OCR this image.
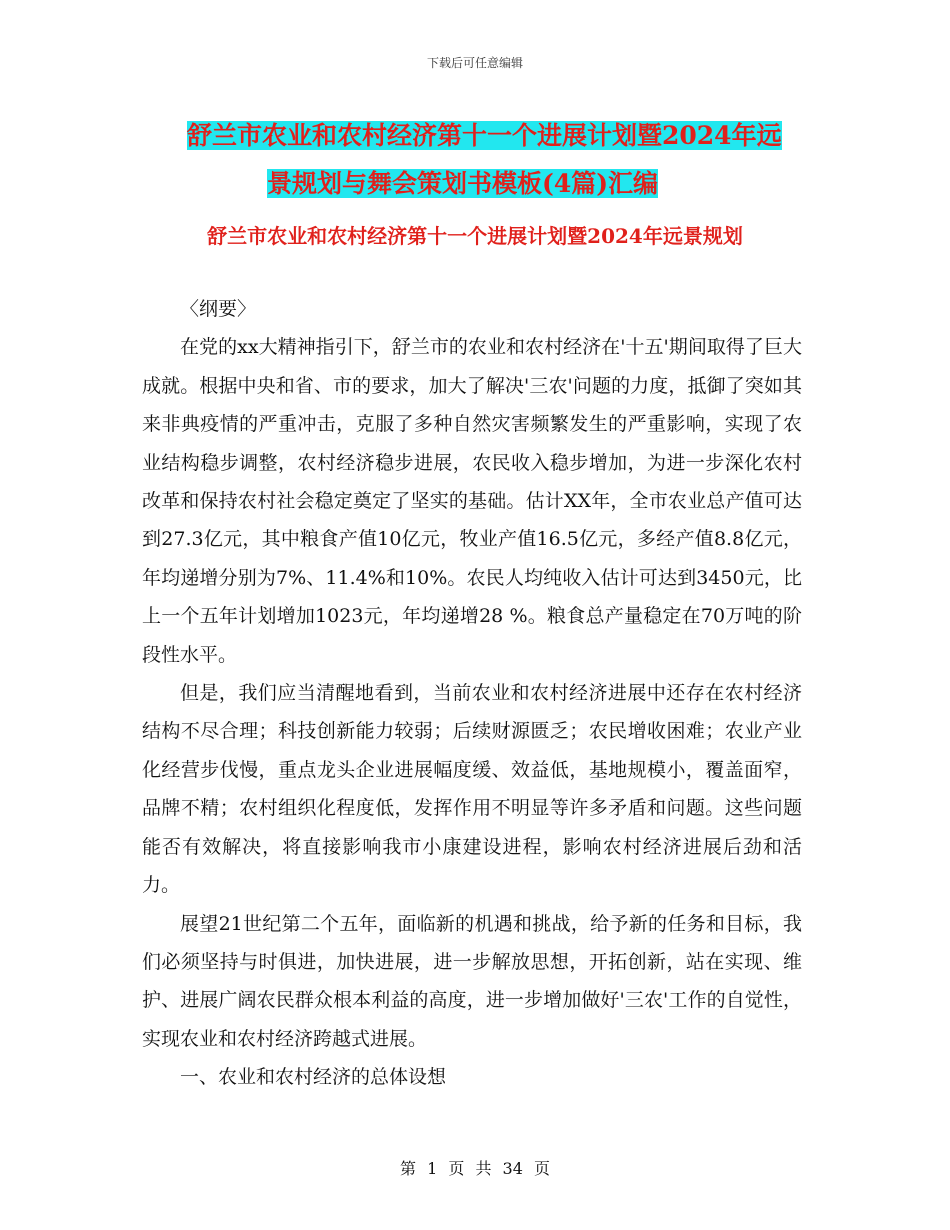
下载后可任意编辑
舒兰市农业和农村经济第十一个进展计划暨2024年远
景规划与舞会策划书模板(4篇)汇编
舒兰市农业和农村经济第十一个进展计划暨2024年远景规划

〈纲要〉

在党的xx大精神指引下，舒兰市的农业和农村经济在'十五'期间取得了巨大成就。根据中央和省、市的要求，加大了解决'三农'问题的力度，抵御了突如其来非典疫情的严重冲击，克服了多种自然灾害频繁发生的严重影响，实现了农业结构稳步调整，农村经济稳步进展，农民收入稳步增加，为进一步深化农村改革和保持农村社会稳定奠定了坚实的基础。估计XX年，全市农业总产值可达到27.3亿元，其中粮食产值10亿元，牧业产值16.5亿元，多经产值8.8亿元，年均递增分别为7%、11.4%和10%。农民人均纯收入估计可达到3450元，比上一个五年计划增加1023元，年均递增28 %。粮食总产量稳定在70万吨的阶段性水平。

但是，我们应当清醒地看到，当前农业和农村经济进展中还存在农村经济结构不尽合理；科技创新能力较弱；后续财源匮乏；农民增收困难；农业产业化经营步伐慢，重点龙头企业进展幅度缓、效益低，基地规模小，覆盖面窄，品牌不精；农村组织化程度低，发挥作用不明显等许多矛盾和问题。这些问题能否有效解决，将直接影响我市小康建设进程，影响农村经济进展后劲和活力。

展望21世纪第二个五年，面临新的机遇和挑战，给予新的任务和目标，我们必须坚持与时俱进，加快进展，进一步解放思想，开拓创新，站在实现、维护、进展广阔农民群众根本利益的高度，进一步增加做好'三农'工作的自觉性，实现农业和农村经济跨越式进展。

一、农业和农村经济的总体设想

第 1 页 共 34 页
